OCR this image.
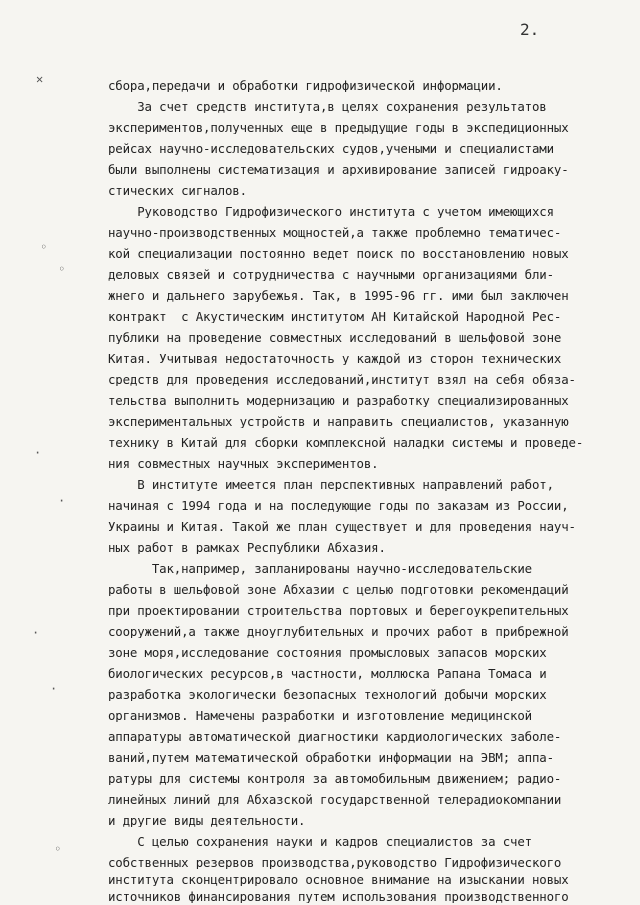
2.
✕
◦
◦
·
·
·
·
◦
сбора,передачи и обработки гидрофизической информации.
За счет средств института,в целях сохранения результатов
экспериментов,полученных еще в предыдущие годы в экспедиционных
рейсах научно-исследовательских судов,учеными и специалистами
были выполнены систематизация и архивирование записей гидроаку-
стических сигналов.
Руководство Гидрофизического института с учетом имеющихся
научно-производственных мощностей,а также проблемно тематичес-
кой специализации постоянно ведет поиск по восстановлению новых
деловых связей и сотрудничества с научными организациями бли-
жнего и дальнего зарубежья. Так, в 1995-96 гг. ими был заключен
контракт  с Акустическим институтом АН Китайской Народной Рес-
публики на проведение совместных исследований в шельфовой зоне
Китая. Учитывая недостаточность у каждой из сторон технических
средств для проведения исследований,институт взял на себя обяза-
тельства выполнить модернизацию и разработку специализированных
экспериментальных устройств и направить специалистов, указанную
технику в Китай для сборки комплексной наладки системы и проведе-
ния совместных научных экспериментов.
В институте имеется план перспективных направлений работ,
начиная с 1994 года и на последующие годы по заказам из России,
Украины и Китая. Такой же план существует и для проведения науч-
ных работ в рамках Республики Абхазия.
Так,например, запланированы научно-исследовательские
работы в шельфовой зоне Абхазии с целью подготовки рекомендаций
при проектировании строительства портовых и берегоукрепительных
сооружений,а также дноуглубительных и прочих работ в прибрежной
зоне моря,исследование состояния промысловых запасов морских
биологических ресурсов,в частности, моллюска Рапана Томаса и
разработка экологически безопасных технологий добычи морских
организмов. Намечены разработки и изготовление медицинской
аппаратуры автоматической диагностики кардиологических заболе-
ваний,путем математической обработки информации на ЭВМ; аппа-
ратуры для системы контроля за автомобильным движением; радио-
линейных линий для Абхазской государственной телерадиокомпании
и другие виды деятельности.
С целью сохранения науки и кадров специалистов за счет
собственных резервов производства,руководство Гидрофизического
института сконцентрировало основное внимание на изыскании новых
источников финансирования путем использования производственного
